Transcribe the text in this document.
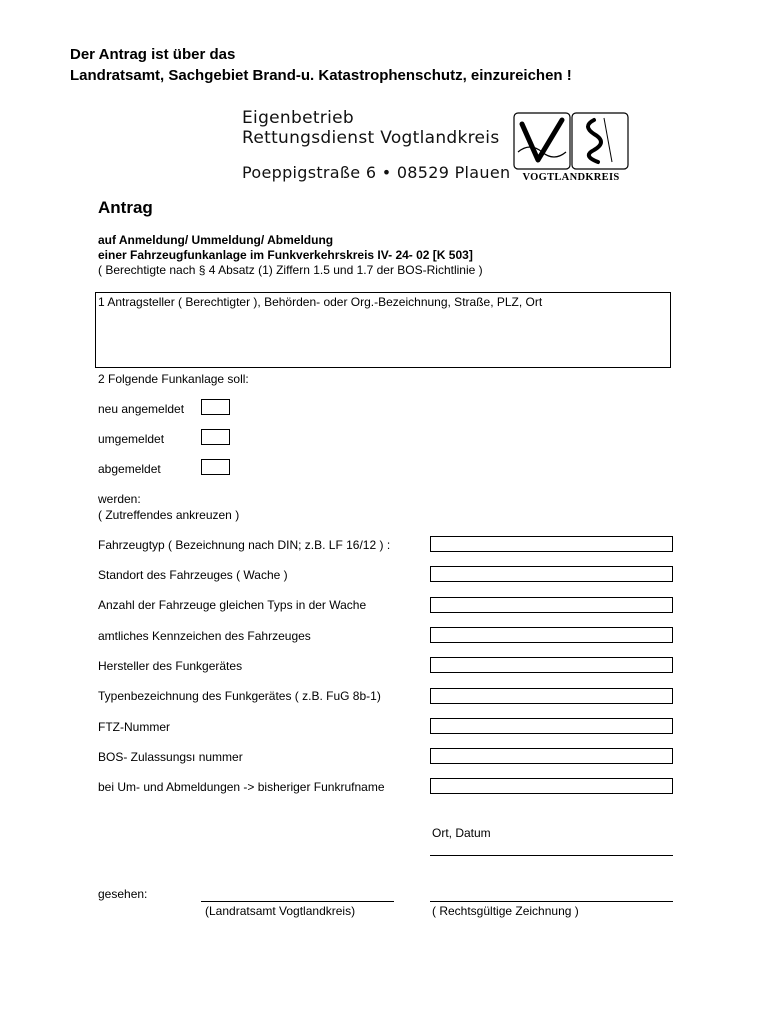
Der Antrag ist über das
Landratsamt, Sachgebiet Brand-u. Katastrophenschutz, einzureichen !
Eigenbetrieb
Rettungsdienst Vogtlandkreis
Poeppigstraße 6 • 08529 Plauen VOGTLANDKREIS
Antrag
auf Anmeldung/ Ummeldung/ Abmeldung
einer Fahrzeugfunkanlage im Funkverkehrskreis IV- 24- 02 [K 503]
( Berechtigte nach § 4 Absatz (1) Ziffern 1.5 und 1.7 der BOS-Richtlinie )
1 Antragsteller ( Berechtigter ), Behörden- oder Org.-Bezeichnung, Straße, PLZ, Ort
2 Folgende Funkanlage soll:
neu angemeldet
umgemeldet
abgemeldet
werden:
( Zutreffendes ankreuzen )
Fahrzeugtyp ( Bezeichnung nach DIN; z.B. LF 16/12 ) :
Standort des Fahrzeuges ( Wache )
Anzahl der Fahrzeuge gleichen Typs in der Wache
amtliches Kennzeichen des Fahrzeuges
Hersteller des Funkgerätes
Typenbezeichnung des Funkgerätes ( z.B. FuG 8b-1)
FTZ-Nummer
BOS- Zulassungsı nummer
bei Um- und Abmeldungen -> bisheriger Funkrufname
Ort, Datum
gesehen:
(Landratsamt Vogtlandkreis)	( Rechtsgültige Zeichnung )
